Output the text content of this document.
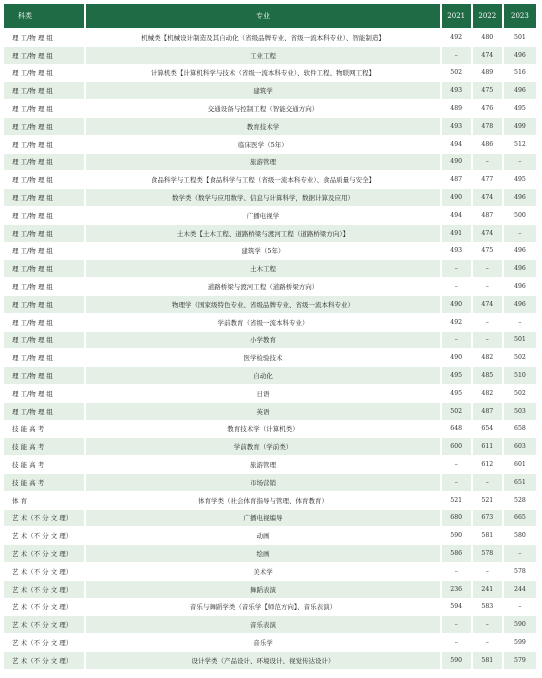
科类	专业	2021	2022	2023
理 工/物 理 组	机械类【机械设计制造及其自动化（省级品牌专业、省级一流本科专业）、智能制造】	492	480	501
理 工/物 理 组	工业工程	–	474	496
理 工/物 理 组	计算机类【计算机科学与技术（省级一流本科专业）、软件工程、物联网工程】	502	489	516
理 工/物 理 组	建筑学	493	475	496
理 工/物 理 组	交通设备与控制工程（智能交通方向）	489	476	495
理 工/物 理 组	教育技术学	493	478	499
理 工/物 理 组	临床医学（5年）	494	486	512
理 工/物 理 组	旅游管理	490	–	–
理 工/物 理 组	食品科学与工程类【食品科学与工程（省级一流本科专业）、食品质量与安全】	487	477	495
理 工/物 理 组	数学类（数学与应用数学、信息与计算科学，数据计算及应用）	490	474	496
理 工/物 理 组	广播电视学	494	487	500
理 工/物 理 组	土木类【土木工程、道路桥梁与渡河工程（道路桥梁方向）】	491	474	–
理 工/物 理 组	建筑学（5年）	493	475	496
理 工/物 理 组	土木工程	–	–	496
理 工/物 理 组	道路桥梁与渡河工程（道路桥梁方向）	–	–	496
理 工/物 理 组	物理学（国家级特色专业、省级品牌专业、省级一流本科专业）	490	474	496
理 工/物 理 组	学前教育（省级一流本科专业）	492	–	–
理 工/物 理 组	小学教育	–	–	501
理 工/物 理 组	医学检验技术	490	482	502
理 工/物 理 组	自动化	495	485	510
理 工/物 理 组	日语	495	482	502
理 工/物 理 组	英语	502	487	503
技 能 高 考	教育技术学（计算机类）	648	654	658
技 能 高 考	学前教育（学前类）	600	611	603
技 能 高 考	旅游管理	–	612	601
技 能 高 考	市场营销	–	–	651
体 育	体育学类（社会体育指导与管理、体育教育）	521	521	528
艺 术（不 分 文 理）	广播电视编导	680	673	665
艺 术（不 分 文 理）	动画	590	581	580
艺 术（不 分 文 理）	绘画	586	578	–
艺 术（不 分 文 理）	美术学	–	–	578
艺 术（不 分 文 理）	舞蹈表演	236	241	244
艺 术（不 分 文 理）	音乐与舞蹈学类（音乐学【师范方向】、音乐表演）	594	583	–
艺 术（不 分 文 理）	音乐表演	–	–	590
艺 术（不 分 文 理）	音乐学	–	–	599
艺 术（不 分 文 理）	设计学类（产品设计、环境设计、视觉传达设计）	590	581	579
